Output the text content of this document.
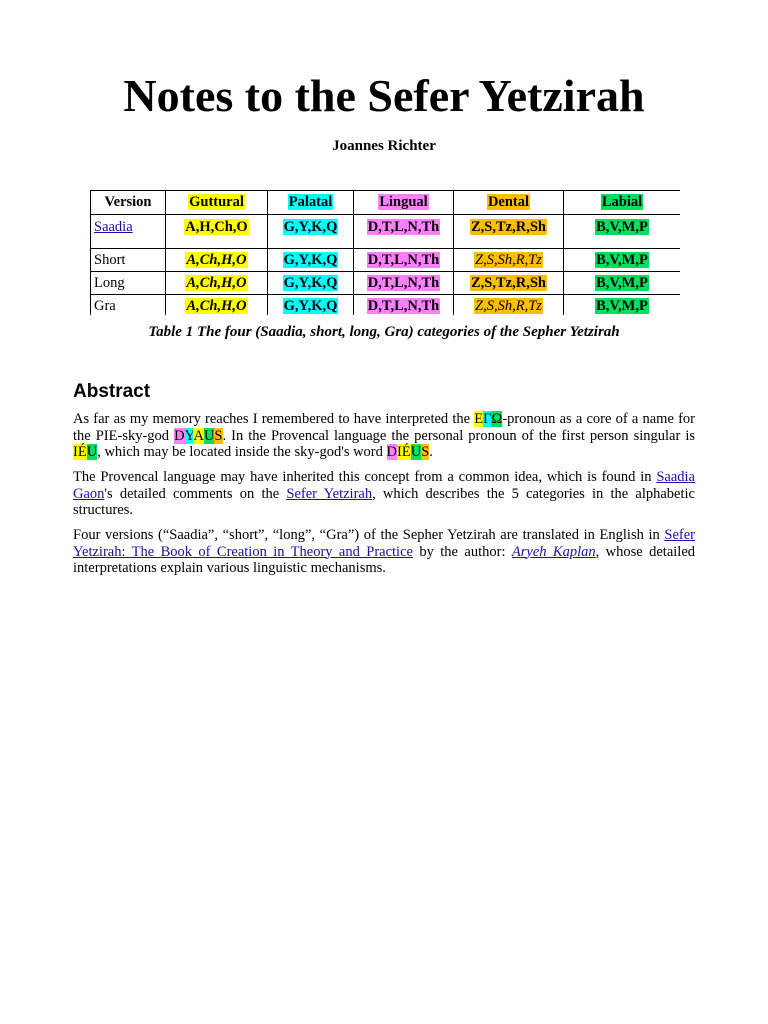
Notes to the Sefer Yetzirah
Joannes Richter
Version	Guttural	Palatal	Lingual	Dental	Labial
Saadia	A,H,Ch,O	G,Y,K,Q	D,T,L,N,Th	Z,S,Tz,R,Sh	B,V,M,P
Short	A,Ch,H,O	G,Y,K,Q	D,T,L,N,Th	Z,S,Sh,R,Tz	B,V,M,P
Long	A,Ch,H,O	G,Y,K,Q	D,T,L,N,Th	Z,S,Tz,R,Sh	B,V,M,P
Gra	A,Ch,H,O	G,Y,K,Q	D,T,L,N,Th	Z,S,Sh,R,Tz	B,V,M,P
Table 1 The four (Saadia, short, long, Gra) categories of the Sepher Yetzirah
Abstract

As far as my memory reaches I remembered to have interpreted the ΕΓΩ-pronoun as a core of a name for the PIE-sky-god DYAUS. In the Provencal language the personal pronoun of the first person singular is IÉU, which may be located inside the sky-god's word DIÉUS.

The Provencal language may have inherited this concept from a common idea, which is found in Saadia Gaon's detailed comments on the Sefer Yetzirah, which describes the 5 categories in the alphabetic structures.

Four versions (“Saadia”, “short”, “long”, “Gra”) of the Sepher Yetzirah are translated in English in Sefer Yetzirah: The Book of Creation in Theory and Practice by the author: Aryeh Kaplan, whose detailed interpretations explain various linguistic mechanisms.
